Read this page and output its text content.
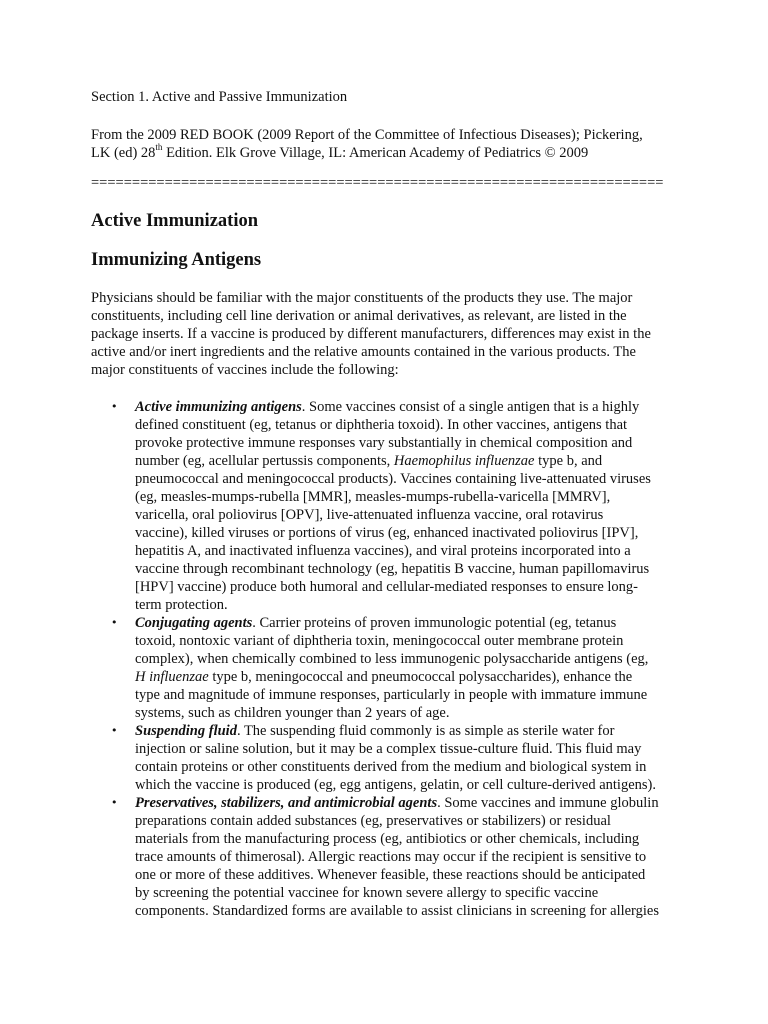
Section 1. Active and Passive Immunization

From the 2009 RED BOOK (2009 Report of the Committee of Infectious Diseases); Pickering,

LK (ed) 28th Edition. Elk Grove Village, IL: American Academy of Pediatrics © 2009

======================================================================
Active Immunization
Immunizing Antigens

Physicians should be familiar with the major constituents of the products they use. The major

constituents, including cell line derivation or animal derivatives, as relevant, are listed in the

package inserts. If a vaccine is produced by different manufacturers, differences may exist in the

active and/or inert ingredients and the relative amounts contained in the various products. The

major constituents of vaccines include the following:

• Active immunizing antigens. Some vaccines consist of a single antigen that is a highly

defined constituent (eg, tetanus or diphtheria toxoid). In other vaccines, antigens that

provoke protective immune responses vary substantially in chemical composition and

number (eg, acellular pertussis components, Haemophilus influenzae type b, and

pneumococcal and meningococcal products). Vaccines containing live-attenuated viruses

(eg, measles-mumps-rubella [MMR], measles-mumps-rubella-varicella [MMRV],

varicella, oral poliovirus [OPV], live-attenuated influenza vaccine, oral rotavirus

vaccine), killed viruses or portions of virus (eg, enhanced inactivated poliovirus [IPV],

hepatitis A, and inactivated influenza vaccines), and viral proteins incorporated into a

vaccine through recombinant technology (eg, hepatitis B vaccine, human papillomavirus

[HPV] vaccine) produce both humoral and cellular-mediated responses to ensure long-

term protection.

• Conjugating agents. Carrier proteins of proven immunologic potential (eg, tetanus

toxoid, nontoxic variant of diphtheria toxin, meningococcal outer membrane protein

complex), when chemically combined to less immunogenic polysaccharide antigens (eg,

H influenzae type b, meningococcal and pneumococcal polysaccharides), enhance the

type and magnitude of immune responses, particularly in people with immature immune

systems, such as children younger than 2 years of age.

• Suspending fluid. The suspending fluid commonly is as simple as sterile water for

injection or saline solution, but it may be a complex tissue-culture fluid. This fluid may

contain proteins or other constituents derived from the medium and biological system in

which the vaccine is produced (eg, egg antigens, gelatin, or cell culture-derived antigens).

• Preservatives, stabilizers, and antimicrobial agents. Some vaccines and immune globulin

preparations contain added substances (eg, preservatives or stabilizers) or residual

materials from the manufacturing process (eg, antibiotics or other chemicals, including

trace amounts of thimerosal). Allergic reactions may occur if the recipient is sensitive to

one or more of these additives. Whenever feasible, these reactions should be anticipated

by screening the potential vaccinee for known severe allergy to specific vaccine

components. Standardized forms are available to assist clinicians in screening for allergies
